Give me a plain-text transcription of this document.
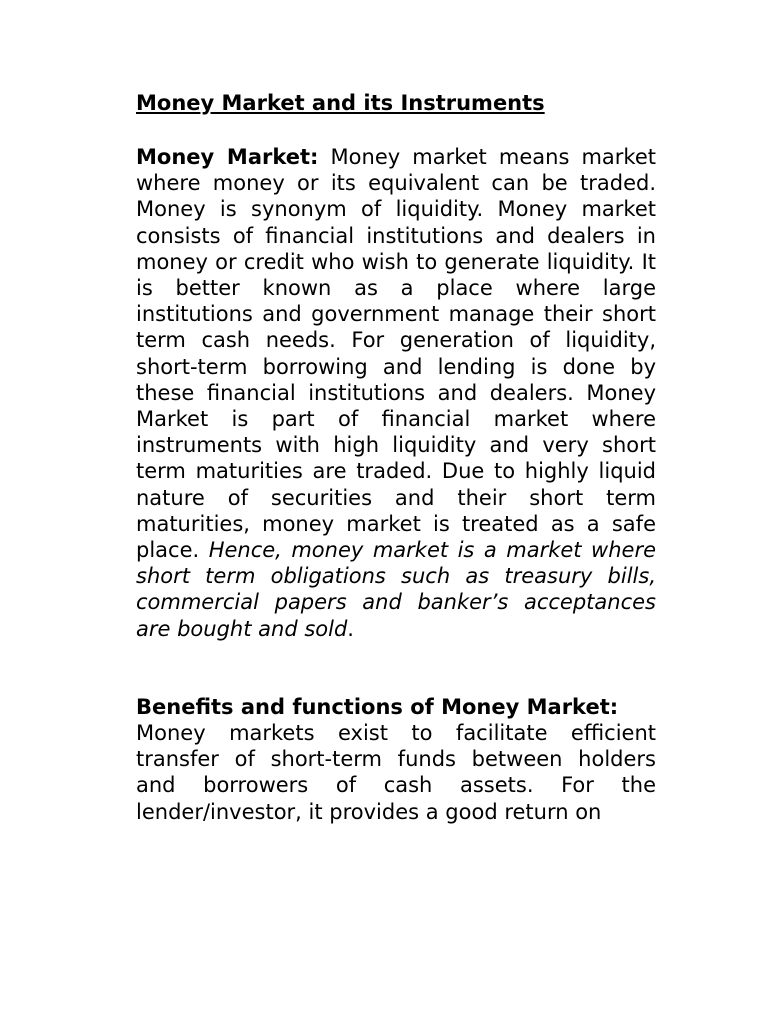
Money Market and its Instruments

Money Market: Money market means market where money or its equivalent can be traded. Money is synonym of liquidity. Money market consists of financial institutions and dealers in money or credit who wish to generate liquidity. It is better known as a place where large institutions and government manage their short term cash needs. For generation of liquidity, short-term borrowing and lending is done by these financial institutions and dealers. Money Market is part of financial market where instruments with high liquidity and very short term maturities are traded. Due to highly liquid nature of securities and their short term maturities, money market is treated as a safe place. Hence, money market is a market where short term obligations such as treasury bills, commercial papers and banker’s acceptances are bought and sold.

Benefits and functions of Money Market:

Money markets exist to facilitate efficient transfer of short-term funds between holders and borrowers of cash assets. For the lender/investor, it provides a good return on
